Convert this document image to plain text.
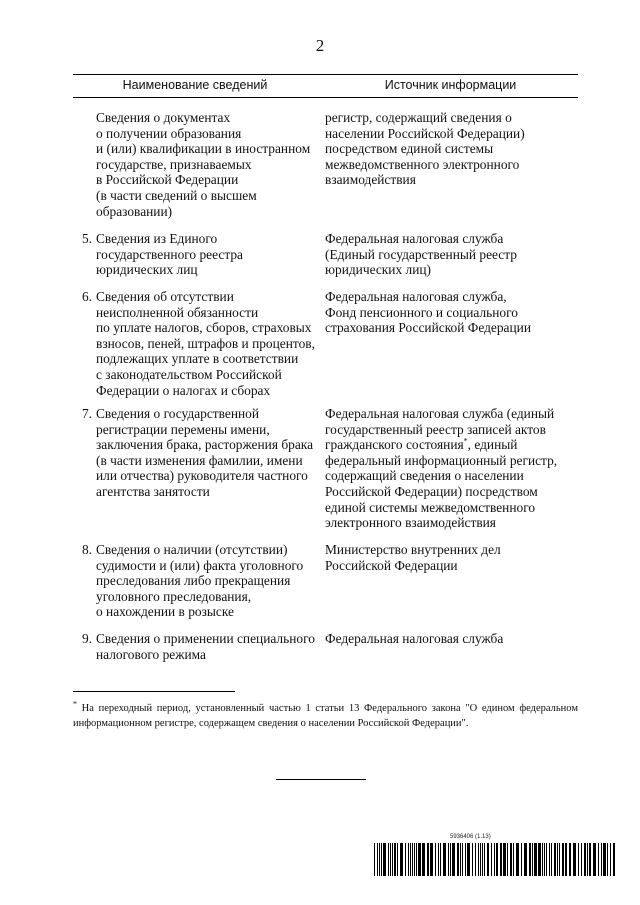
2
Наименование сведений	Источник информации
Сведения о документах
о получении образования
и (или) квалификации в иностранном
государстве, признаваемых
в Российской Федерации
(в части сведений о высшем
образовании)
регистр, содержащий сведения о
населении Российской Федерации)
посредством единой системы
межведомственного электронного
взаимодействия
5. Сведения из Единого
государственного реестра
юридических лиц
Федеральная налоговая служба
(Единый государственный реестр
юридических лиц)
6. Сведения об отсутствии
неисполненной обязанности
по уплате налогов, сборов, страховых
взносов, пеней, штрафов и процентов,
подлежащих уплате в соответствии
с законодательством Российской
Федерации о налогах и сборах
Федеральная налоговая служба,
Фонд пенсионного и социального
страхования Российской Федерации
7. Сведения о государственной
регистрации перемены имени,
заключения брака, расторжения брака
(в части изменения фамилии, имени
или отчества) руководителя частного
агентства занятости
Федеральная налоговая служба (единый
государственный реестр записей актов
гражданского состояния*, единый
федеральный информационный регистр,
содержащий сведения о населении
Российской Федерации) посредством
единой системы межведомственного
электронного взаимодействия
8. Сведения о наличии (отсутствии)
судимости и (или) факта уголовного
преследования либо прекращения
уголовного преследования,
о нахождении в розыске
Министерство внутренних дел
Российской Федерации
9. Сведения о применении специального
налогового режима
Федеральная налоговая служба
* На переходный период, установленный частью 1 статьи 13 Федерального закона "О едином федеральном информационном регистре, содержащем сведения о населении Российской Федерации".
5936406 (1.13)
